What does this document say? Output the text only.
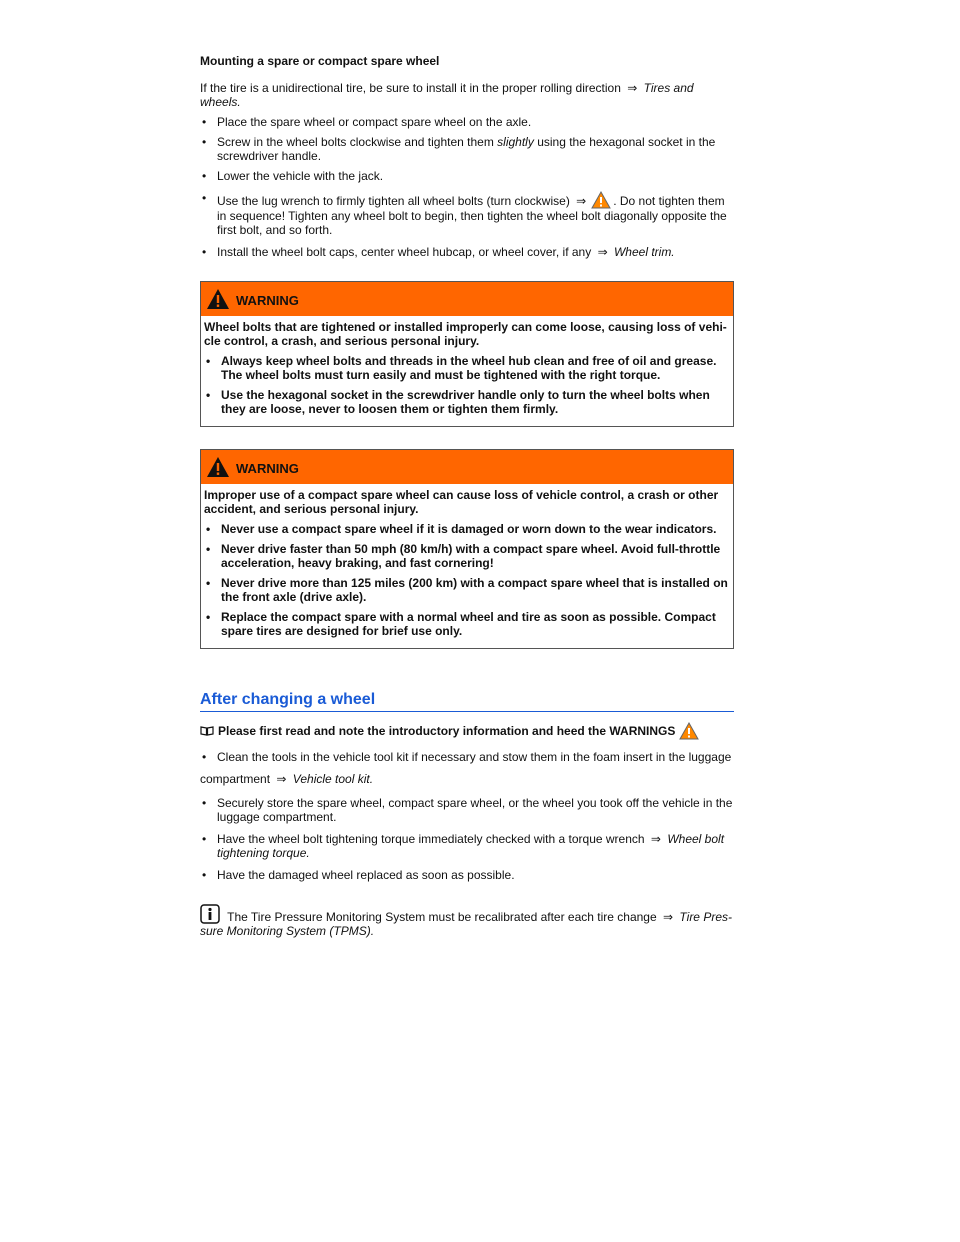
Mounting a spare or compact spare wheel
If the tire is a unidirectional tire, be sure to install it in the proper rolling direction ⇒ Tires and wheels.
• Place the spare wheel or compact spare wheel on the axle.
• Screw in the wheel bolts clockwise and tighten them slightly using the hexagonal socket in the screwdriver handle.
• Lower the vehicle with the jack.
• Use the lug wrench to firmly tighten all wheel bolts (turn clockwise) ⇒ . Do not tighten them in sequence! Tighten any wheel bolt to begin, then tighten the wheel bolt diagonally opposite the first bolt, and so forth.
• Install the wheel bolt caps, center wheel hubcap, or wheel cover, if any ⇒ Wheel trim.
WARNING
Wheel bolts that are tightened or installed improperly can come loose, causing loss of vehi-cle control, a crash, and serious personal injury.
• Always keep wheel bolts and threads in the wheel hub clean and free of oil and grease. The wheel bolts must turn easily and must be tightened with the right torque.
• Use the hexagonal socket in the screwdriver handle only to turn the wheel bolts when they are loose, never to loosen them or tighten them firmly.
WARNING
Improper use of a compact spare wheel can cause loss of vehicle control, a crash or other accident, and serious personal injury.
• Never use a compact spare wheel if it is damaged or worn down to the wear indicators.
• Never drive faster than 50 mph (80 km/h) with a compact spare wheel. Avoid full-throttle acceleration, heavy braking, and fast cornering!
• Never drive more than 125 miles (200 km) with a compact spare wheel that is installed on the front axle (drive axle).
• Replace the compact spare with a normal wheel and tire as soon as possible. Compact spare tires are designed for brief use only.
After changing a wheel
Please first read and note the introductory information and heed the WARNINGS
• Clean the tools in the vehicle tool kit if necessary and stow them in the foam insert in the luggage
compartment ⇒ Vehicle tool kit.
• Securely store the spare wheel, compact spare wheel, or the wheel you took off the vehicle in the luggage compartment.
• Have the wheel bolt tightening torque immediately checked with a torque wrench ⇒ Wheel bolt tightening torque.
• Have the damaged wheel replaced as soon as possible.
The Tire Pressure Monitoring System must be recalibrated after each tire change ⇒ Tire Pres-sure Monitoring System (TPMS).
